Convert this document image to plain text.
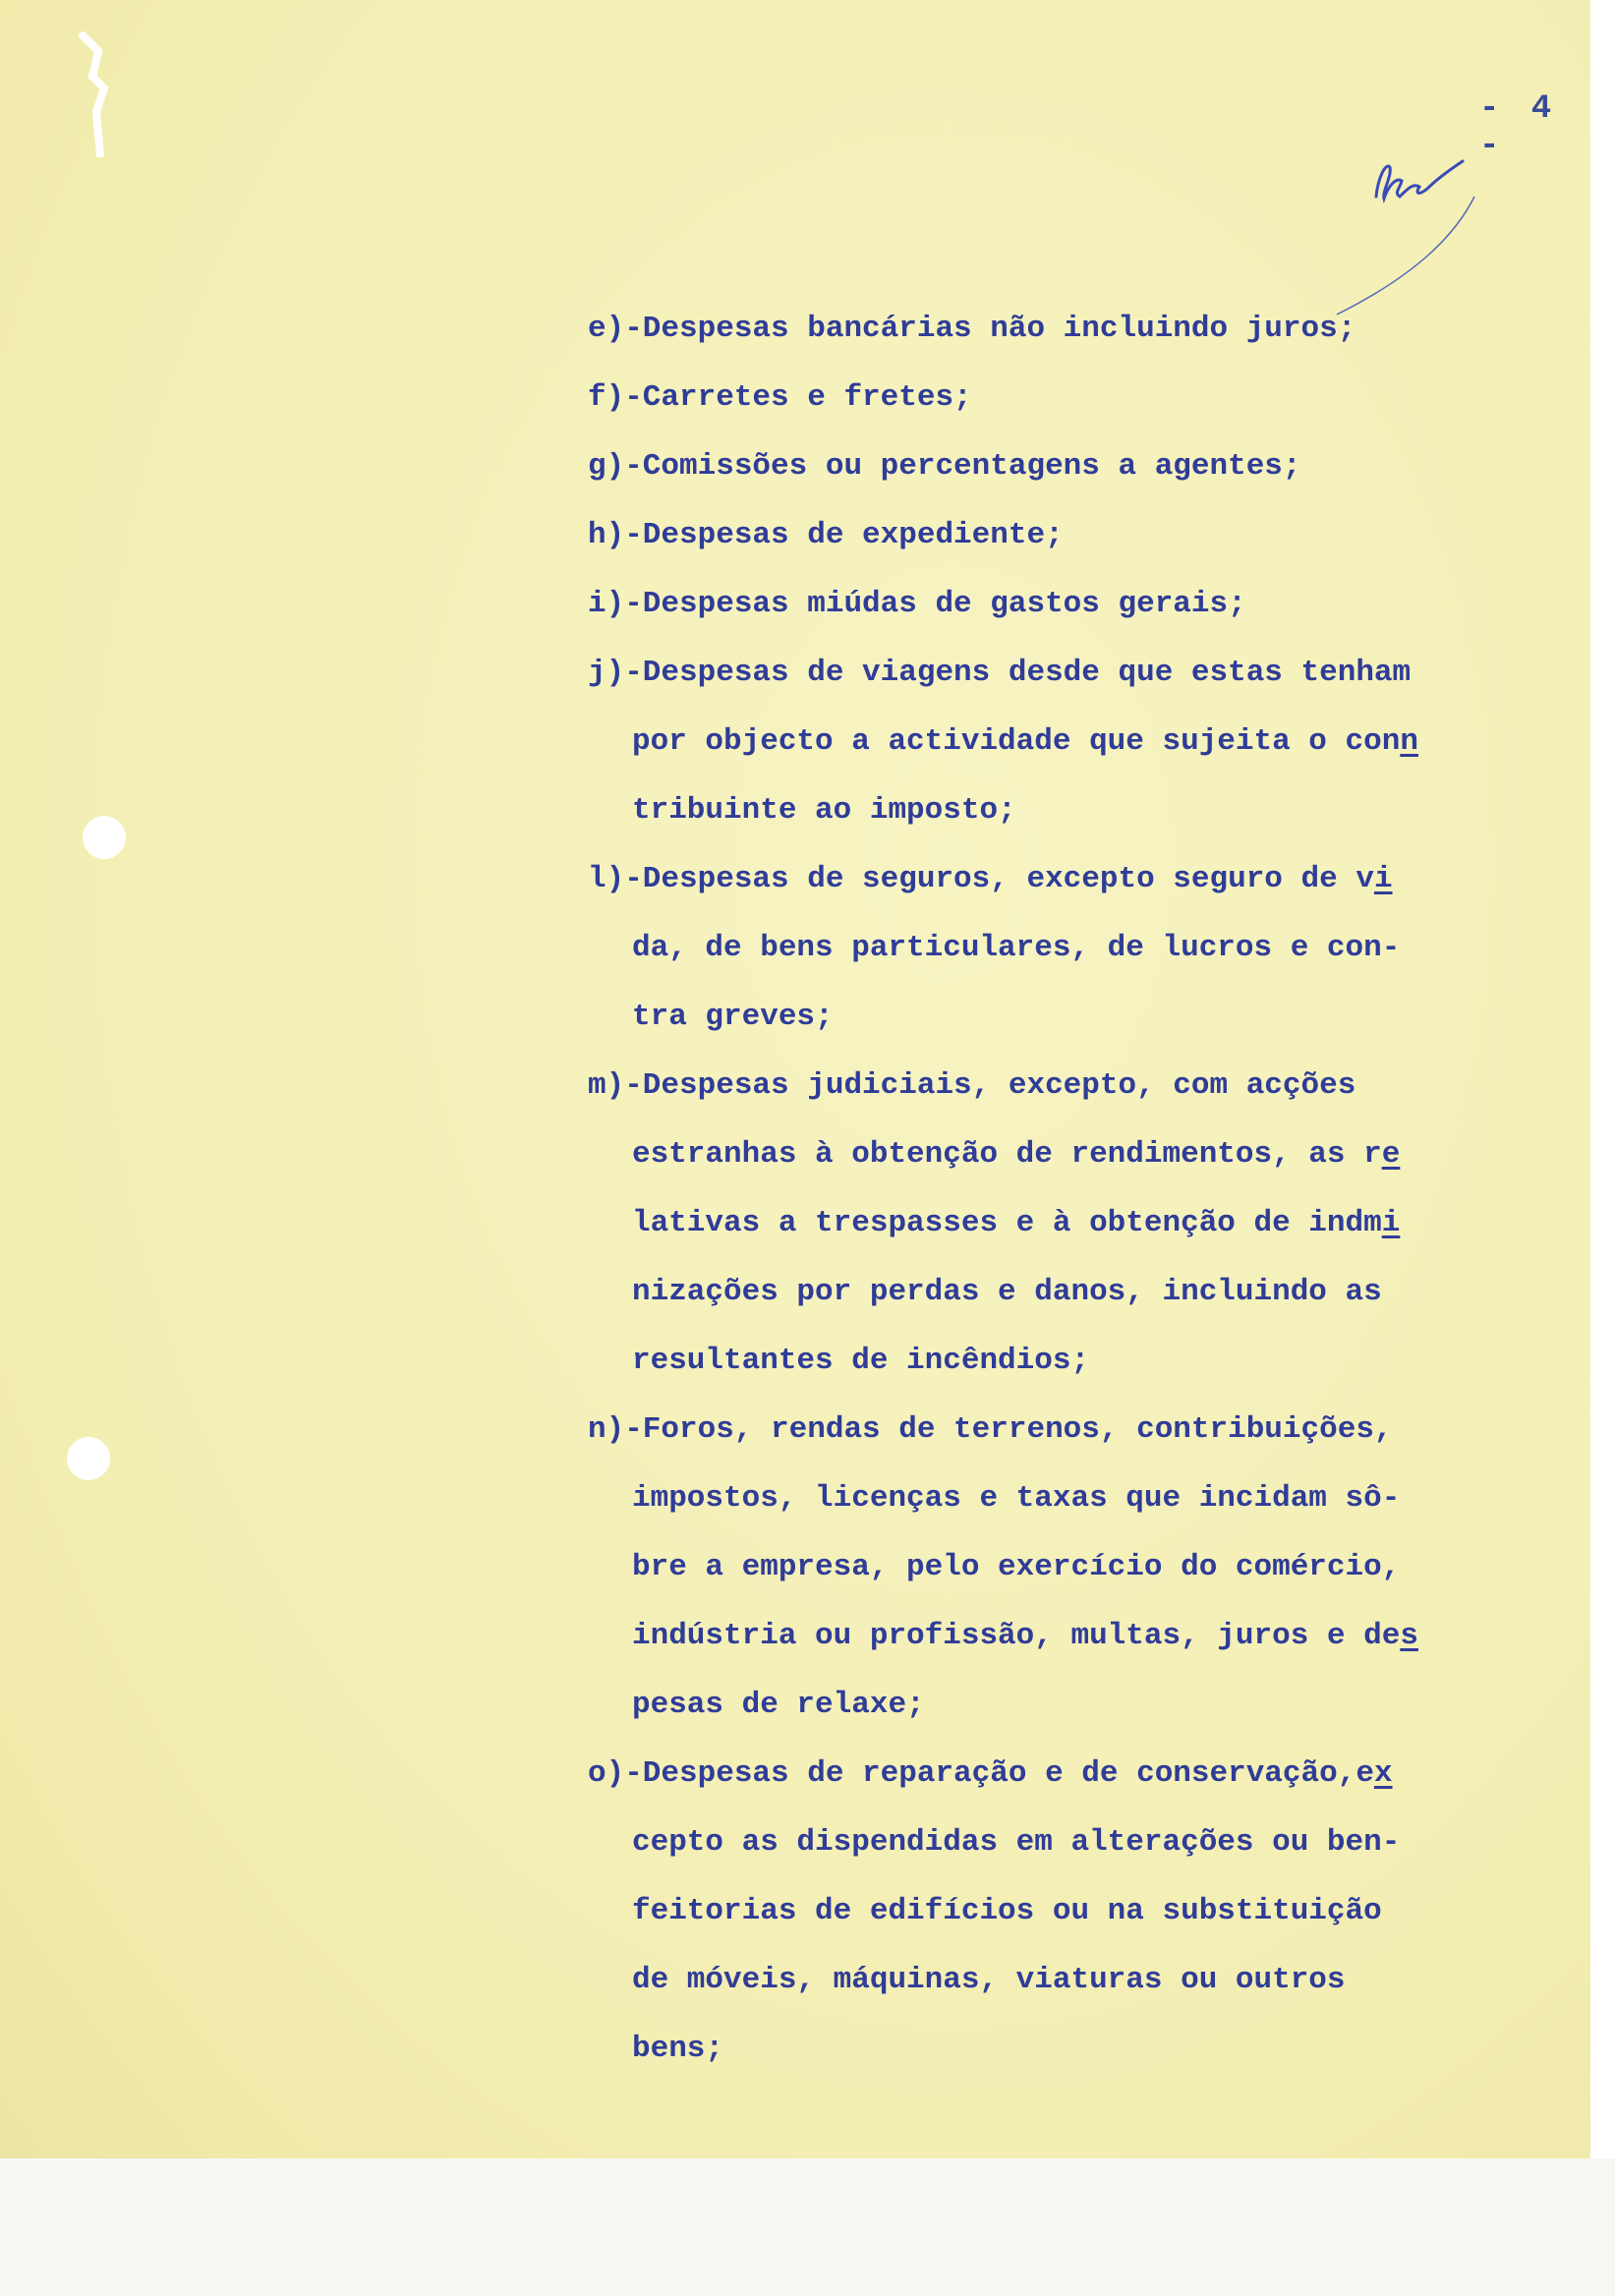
- 4 -
e)-Despesas bancárias não incluindo juros;
f)-Carretes e fretes;
g)-Comissões ou percentagens a agentes;
h)-Despesas de expediente;
i)-Despesas miúdas de gastos gerais;
j)-Despesas de viagens desde que estas tenham
por objecto a actividade que sujeita o conn
tribuinte ao imposto;
l)-Despesas de seguros, excepto seguro de vi
da, de bens particulares, de lucros e con-
tra greves;
m)-Despesas judiciais, excepto, com acções
estranhas à obtenção de rendimentos, as re
lativas a trespasses e à obtenção de indmi
nizações por perdas e danos, incluindo as
resultantes de incêndios;
n)-Foros, rendas de terrenos, contribuições,
impostos, licenças e taxas que incidam sô-
bre a empresa, pelo exercício do comércio,
indústria ou profissão, multas, juros e des
pesas de relaxe;
o)-Despesas de reparação e de conservação,ex
cepto as dispendidas em alterações ou ben-
feitorias de edifícios ou na substituição
de móveis, máquinas, viaturas ou outros
bens;
